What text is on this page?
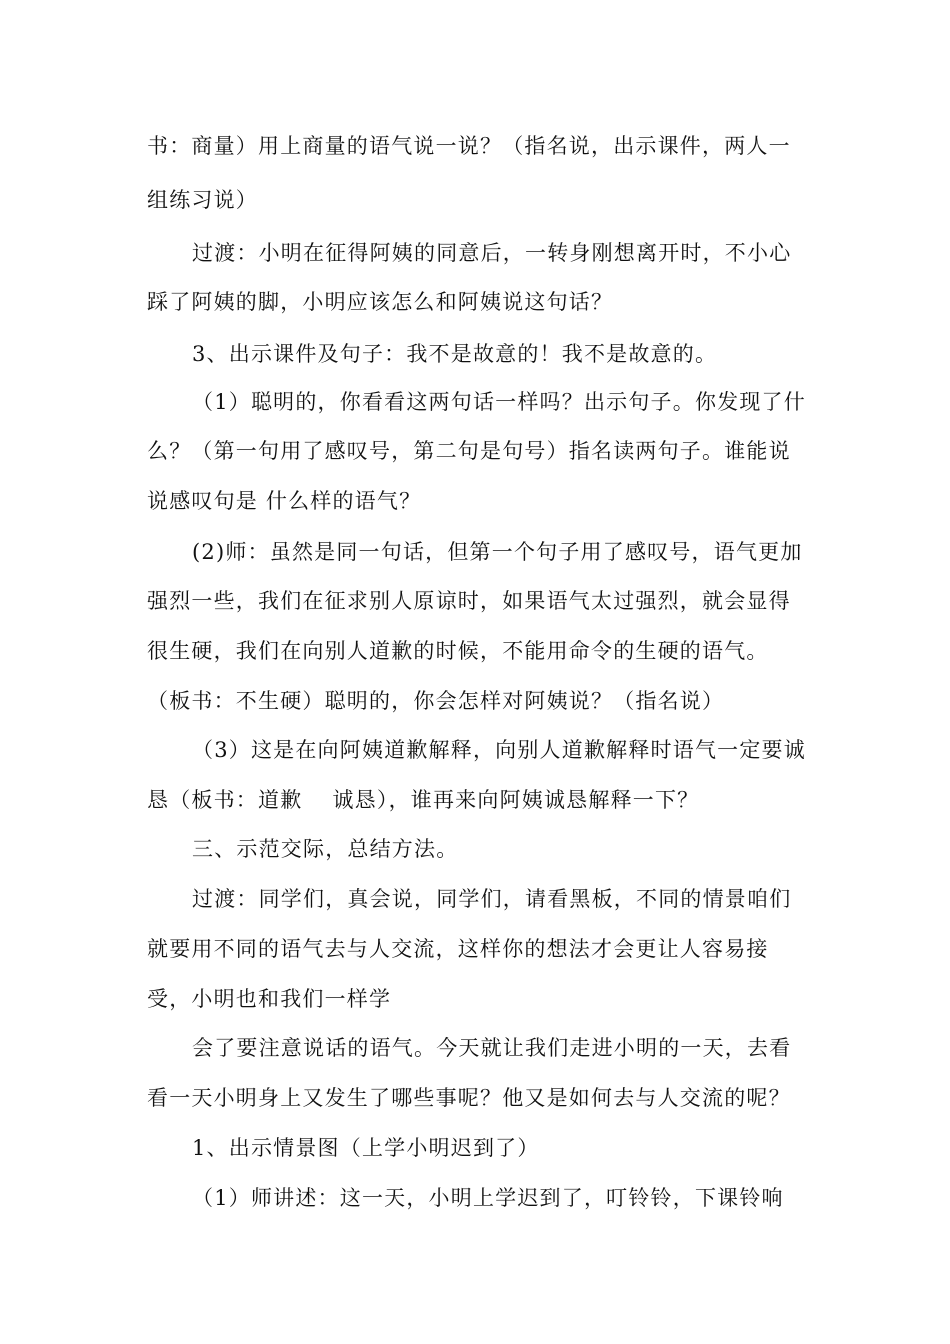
书：商量）用上商量的语气说一说？（指名说，出示课件，两人一
组练习说）
过渡：小明在征得阿姨的同意后，一转身刚想离开时，不小心
踩了阿姨的脚，小明应该怎么和阿姨说这句话？
3、出示课件及句子：我不是故意的！我不是故意的。
（1）聪明的，你看看这两句话一样吗？出示句子。你发现了什
么？（第一句用了感叹号，第二句是句号）指名读两句子。谁能说
说感叹句是 什么样的语气？
(2)师：虽然是同一句话，但第一个句子用了感叹号，语气更加
强烈一些，我们在征求别人原谅时，如果语气太过强烈，就会显得
很生硬，我们在向别人道歉的时候，不能用命令的生硬的语气。
（板书：不生硬）聪明的，你会怎样对阿姨说？（指名说）
（3）这是在向阿姨道歉解释，向别人道歉解释时语气一定要诚
恳（板书：道歉　 诚恳），谁再来向阿姨诚恳解释一下？
三、示范交际，总结方法。
过渡：同学们，真会说，同学们，请看黑板，不同的情景咱们
就要用不同的语气去与人交流，这样你的想法才会更让人容易接
受，小明也和我们一样学
会了要注意说话的语气。今天就让我们走进小明的一天，去看
看一天小明身上又发生了哪些事呢？他又是如何去与人交流的呢？
1、出示情景图（上学小明迟到了）
（1）师讲述：这一天，小明上学迟到了，叮铃铃，下课铃响
